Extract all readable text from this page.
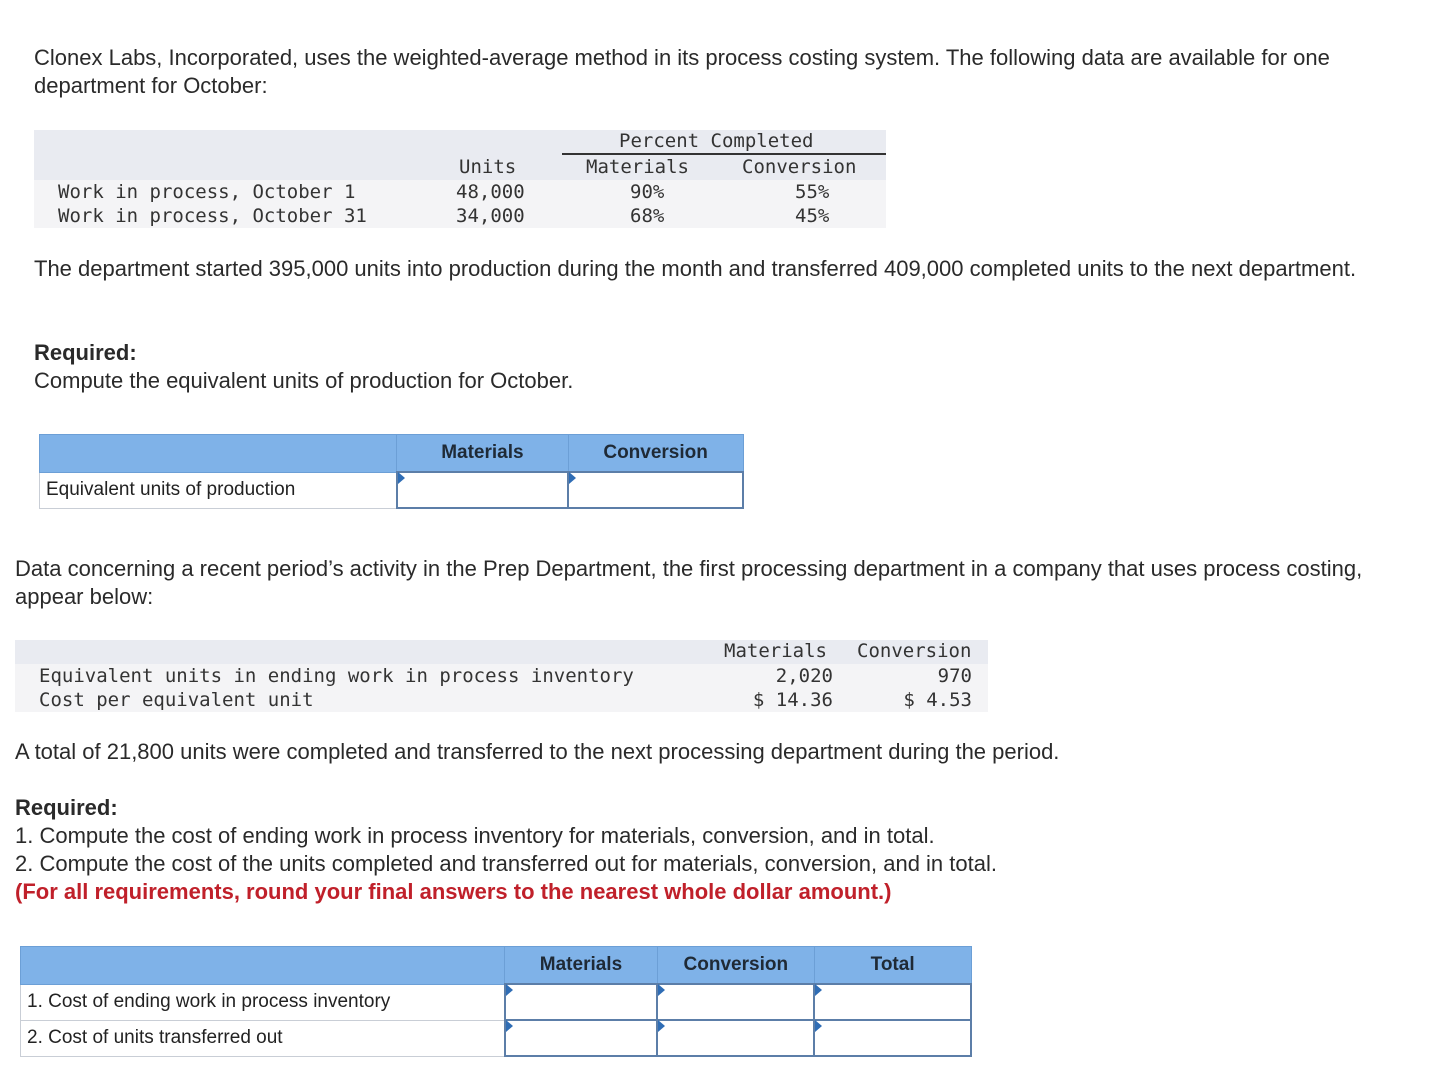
Clonex Labs, Incorporated, uses the weighted-average method in its process costing system. The following data are available for one department for October:

Percent Completed
Units	Materials	Conversion
Work in process, October 1	48,000	90%	55%
Work in process, October 31	34,000	68%	45%

The department started 395,000 units into production during the month and transferred 409,000 completed units to the next department.

Required:

Compute the equivalent units of production for October.

	Materials	Conversion
Equivalent units of production		

Data concerning a recent period’s activity in the Prep Department, the first processing department in a company that uses process costing, appear below:

Materials Conversion
Equivalent units in ending work in process inventory	2,020	970
Cost per equivalent unit	$ 14.36	$ 4.53

A total of 21,800 units were completed and transferred to the next processing department during the period.

Required:

1. Compute the cost of ending work in process inventory for materials, conversion, and in total.

2. Compute the cost of the units completed and transferred out for materials, conversion, and in total.

(For all requirements, round your final answers to the nearest whole dollar amount.)

	Materials	Conversion	Total
1. Cost of ending work in process inventory			
2. Cost of units transferred out			
